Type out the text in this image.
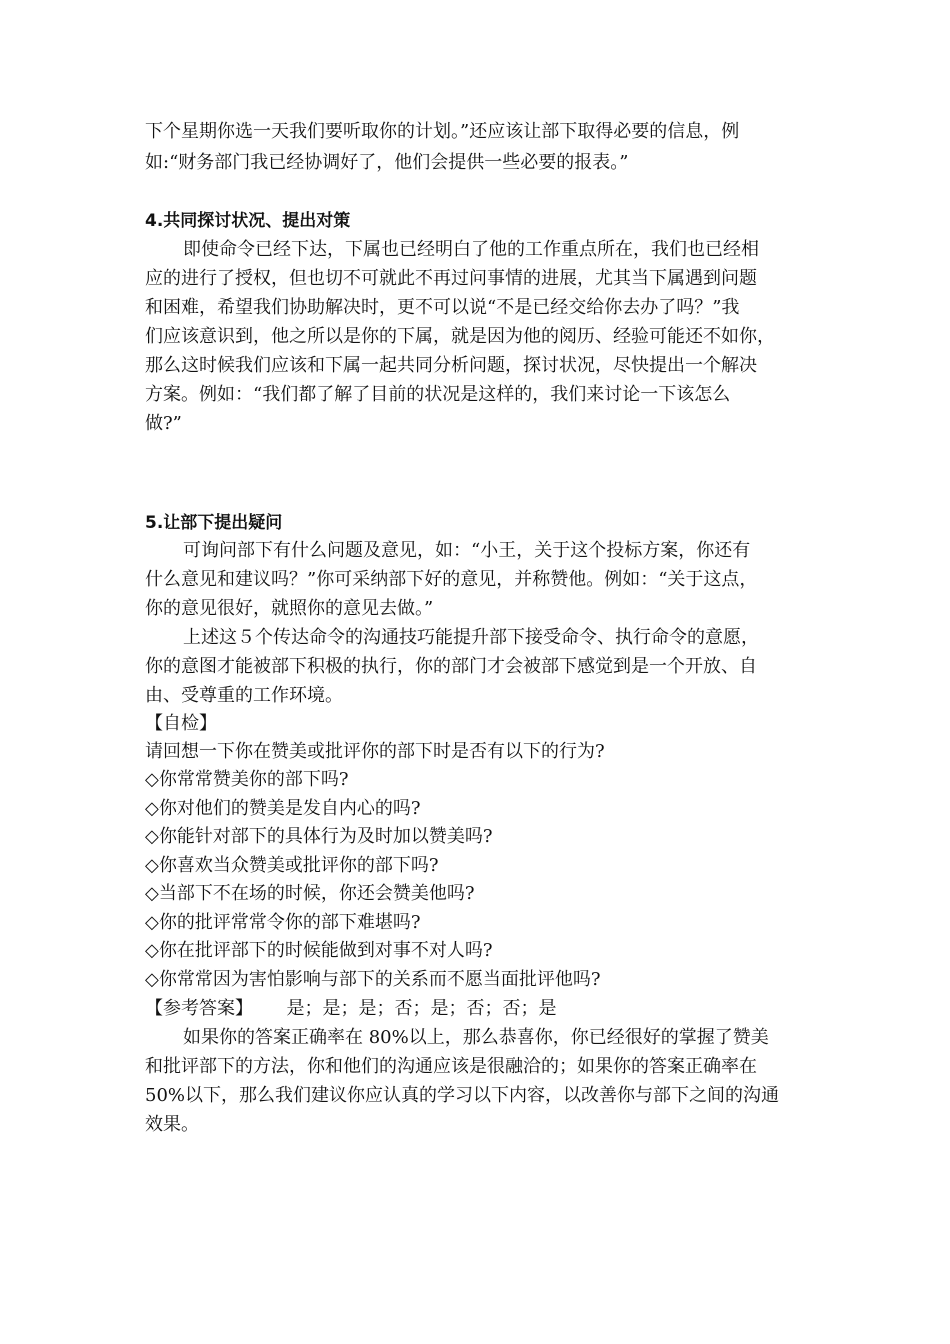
下个星期你选一天我们要听取你的计划。”还应该让部下取得必要的信息，例
如:“财务部门我已经协调好了，他们会提供一些必要的报表。”
4.共同探讨状况、提出对策
即使命令已经下达，下属也已经明白了他的工作重点所在，我们也已经相
应的进行了授权，但也切不可就此不再过问事情的进展，尤其当下属遇到问题
和困难，希望我们协助解决时，更不可以说“不是已经交给你去办了吗？”我
们应该意识到，他之所以是你的下属，就是因为他的阅历、经验可能还不如你，
那么这时候我们应该和下属一起共同分析问题，探讨状况，尽快提出一个解决
方案。例如：“我们都了解了目前的状况是这样的，我们来讨论一下该怎么
做?”
5.让部下提出疑问
可询问部下有什么问题及意见，如：“小王，关于这个投标方案，你还有
什么意见和建议吗？”你可采纳部下好的意见，并称赞他。例如：“关于这点，
你的意见很好，就照你的意见去做。”
上述这５个传达命令的沟通技巧能提升部下接受命令、执行命令的意愿，
你的意图才能被部下积极的执行，你的部门才会被部下感觉到是一个开放、自
由、受尊重的工作环境。
【自检】
请回想一下你在赞美或批评你的部下时是否有以下的行为?
◇你常常赞美你的部下吗?
◇你对他们的赞美是发自内心的吗?
◇你能针对部下的具体行为及时加以赞美吗?
◇你喜欢当众赞美或批评你的部下吗?
◇当部下不在场的时候，你还会赞美他吗?
◇你的批评常常令你的部下难堪吗?
◇你在批评部下的时候能做到对事不对人吗?
◇你常常因为害怕影响与部下的关系而不愿当面批评他吗?
【参考答案】 是；是；是；否；是；否；否；是
如果你的答案正确率在 80%以上，那么恭喜你，你已经很好的掌握了赞美
和批评部下的方法，你和他们的沟通应该是很融洽的；如果你的答案正确率在
50%以下，那么我们建议你应认真的学习以下内容，以改善你与部下之间的沟通
效果。
